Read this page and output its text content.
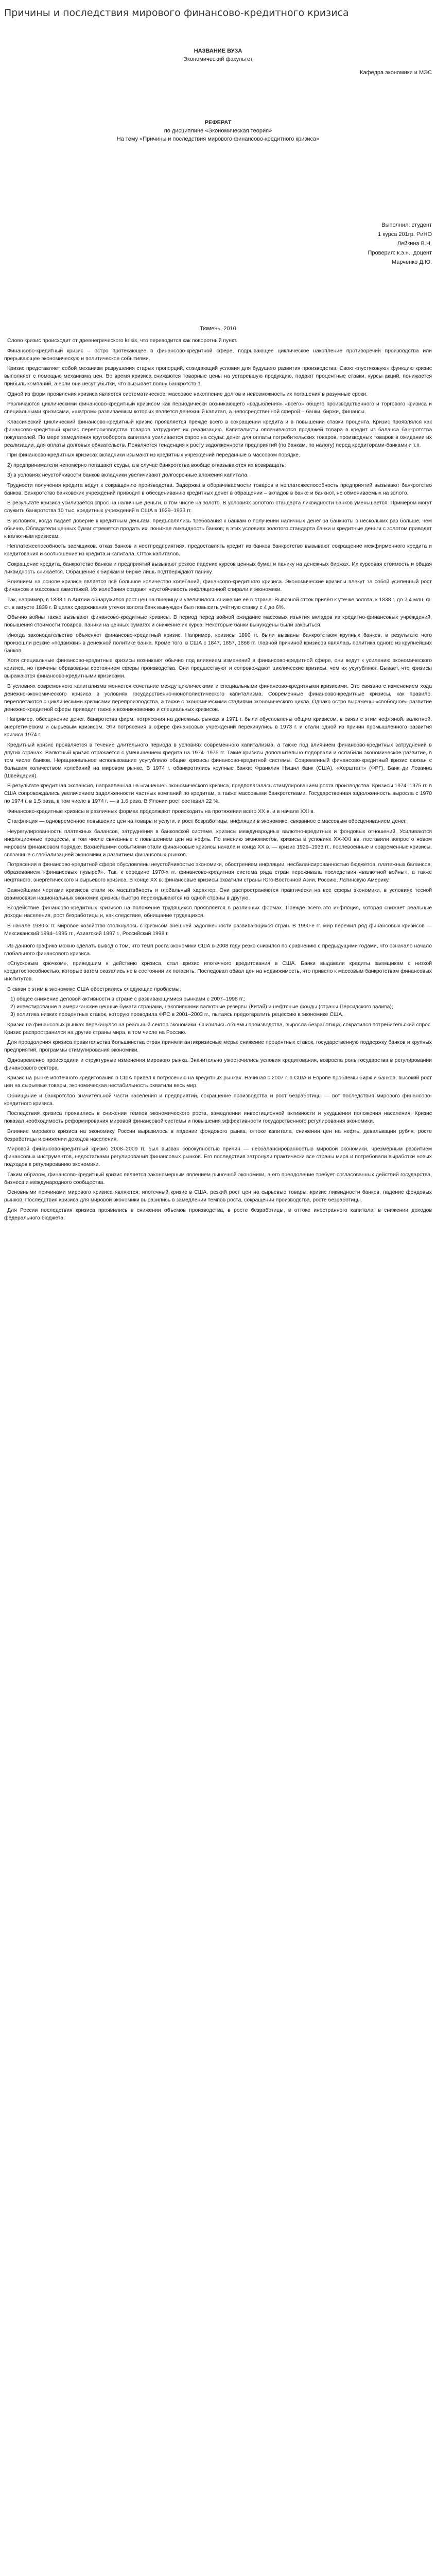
Причины и последствия мирового финансово-кредитного кризиса
НАЗВАНИЕ ВУЗА
Экономический факультет
Кафедра экономики и МЭС
РЕФЕРАТ
по дисциплине «Экономическая теория»
На тему «Причины и последствия мирового финансово-кредитного кризиса»
Выполнил: студент
1 курса 201гр. РиНО
Лейкина В.Н.
Проверил: к.э.н., доцент
Марченко Д.Ю.
Тюмень, 2010

Слово кризис происходит от древнегреческого krisis, что переводится как поворотный пункт.

Финансово-кредитный кризис – остро протекающее в финансово-кредитной сфере, подрывающее циклическое накопление противоречий производства или прерывающее экономическую и политическое событиями.

Кризис представляет собой механизм разрушения старых пропорций, созидающий условия для будущего развития производства. Свою «пустяковую» функцию кризис выполняет с помощью механизма цен. Во время кризиса снижаются товарные цены на устаревшую продукцию, падают процентные ставки, курсы акций, понижается прибыль компаний, а если они несут убытки, что вызывает волну банкротств.1

Одной из форм проявления кризиса является систематическое, массовое накопление долгов и невозможность их погашения в разумные сроки.

Различаются циклическими финансово-кредитный кризисом как периодически возникающего «вздыбления» «всего» общего производственного и торгового кризиса и специальными кризисами, «шатром» развиваемым которых является денежный капитал, а непосредственной сферой – банки, биржи, финансы.

Классический циклический финансово-кредитный кризис проявляется прежде всего в сокращении кредита и в повышении ставки процента. Кризис проявлялся как финансово-кредитный кризис перепроизводства товаров затрудняет их реализацию. Капиталисты оплачиваются продажей товара в кредит из баланса банкротства покупателей. По мере замедления кругооборота капитала усиливается спрос на ссуды: денег для оплаты потребительских товаров, производных товаров в ожидании их реализации, для оплаты долговых обязательств. Появляется тенденция к росту задолженности предприятий (по банкам, по налогу) перед кредиторами-банками и т.п.

При финансово-кредитных кризисах вкладчики изымают из кредитных учреждений переданные в массовом порядке.

2) предприниматели непомерно погашают ссуды, а в случае банкротства вообще отказываются их возвращать;

3) в условиях неустойчивости банков вкладчики увеличивают долгосрочные вложения капитала.

Трудности получения кредита ведут к сокращению производства. Задержка в оборачиваемости товаров и неплатежеспособность предприятий вызывают банкротство банков. Банкротство банковских учреждений приводит в обесцениванию кредитных денег в обращении – вкладов в банке и банкнот, не обмениваемых на золото.

В результате кризиса усиливается спрос на наличные деньги, в том числе на золото. В условиях золотого стандарта ликвидности банков уменьшается. Примером могут служить банкротства 10 тыс. кредитных учреждений в США в 1929–1933 гг.

В условиях, когда падает доверие к кредитным деньгам, предъявлялись требования к банкам о получении наличных денег за банкноты в нескольких раз больше, чем обычно. Обладатели ценных бумаг стремятся продать их, понижая ликвидность банков; в этих условиях золотого стандарта банки и кредитные деньги с золотом приводят к валютным кризисам.

Неплатежеспособность заемщиков, отказ банков и неотпредприятиях, предоставлять кредит из банков банкротство вызывают сокращение межфирменного кредита и кредитования и соотношение из кредита и капитала. Отток капиталов.

Сокращение кредита, банкротство банков и предприятий вызывают резкое падение курсов ценных бумаг и панику на денежных биржах. Их курсовая стоимость и общая ликвидность снижается. Обращение к биржам и бирже лишь подтверждают панику.

Влиянием на основе кризиса является всё большое количество колебаний, финансово-кредитного кризиса. Экономические кризисы влекут за собой усиленный рост финансов и массовых ажиотажей. Их колебания создают неустойчивость инфляционной спирали и экономики.

Так, например, в 1838 г. в Англии обнаружился рост цен на пшеницу и увеличилось снижение её в стране. Вывозной отток привёл к утечке золота, к 1838 г. до 2,4 млн. ф. ст. в августе 1839 г. В целях сдерживания утечки золота банк вынужден был повысить учётную ставку с 4 до 6%.

Обычно войны также вызывают финансово-кредитные кризисы. В период перед войной ожидание массовых изъятия вкладов из кредитно-финансовых учреждений, повышения стоимости товаров, паники на ценных бумагах и снижение их курса. Некоторые банки вынуждены были закрыться.

Иногда законодательство объясняет финансово-кредитный кризис. Например, кризисы 1890 гг. были вызваны банкротством крупных банков, в результате чего произошли резкие «подвижки» в денежной политике банка. Кроме того, в США с 1847, 1857, 1866 гг. главной причиной кризисов являлась политика одного из крупнейших банков.

Хотя специальные финансово-кредитные кризисы возникают обычно под влиянием изменений в финансово-кредитной сфере, они ведут к усилению экономического кризиса, но причины образованы состоянием сферы производства. Они предшествуют и сопровождают циклические кризисы, чем их усугубляют. Бывает, что кризисы выражаются финансово-кредитными кризисами.

В условиях современного капитализма меняется сочетание между циклическими и специальными финансово-кредитными кризисами. Это связано с изменением хода денежно-экономического кризиса в условиях государственно-монополистического капитализма. Современные финансово-кредитные кризисы, как правило, переплетаются с циклическими кризисами перепроизводства, а также с экономическими стадиями экономического цикла. Однако остро выражены «свободное» развитие денежно-кредитной сферы приводит также к возникновению и специальных кризисов.

Например, обесценение денег, банкротства фирм, потрясения на денежных рынках в 1971 г. были обусловлены общим кризисом, в связи с этим нефтяной, валютной, энергетическим и сырьевым кризисом. Эти потрясения в сфере финансовых учреждений перекинулись в 1973 г. и стали одной из причин промышленного развития кризиса 1974 г.

Кредитный кризис проявляется в течение длительного периода в условиях современного капитализма, а также под влиянием финансово-кредитных затруднений в других странах. Валютный кризис отражается с уменьшением кредита на 1974–1975 гг. Такие кризисы дополнительно подорвали и ослабили экономическое развитие, в том числе банков. Нерациональное использование усугубляло общие кризисы финансово-кредитной системы. Современный финансово-кредитный кризис связан с большим количеством колебаний на мировом рынке. В 1974 г. обанкротились крупные банки: Франклин Нэшнл банк (США), «Херштатт» (ФРГ), Банк ди Лозанна (Швейцария).

В результате кредитная экспансия, направленная на «гашение» экономического кризиса, предполагалась стимулированием роста производства. Кризисы 1974–1975 гг. в США сопровождались увеличением задолженности частных компаний по кредитам, а также массовыми банкротствами. Государственная задолженность выросла с 1970 по 1974 г. в 1,5 раза, в том числе в 1974 г. — в 1,6 раза. В Японии рост составил 22 %.

Финансово-кредитные кризисы в различных формах продолжают происходить на протяжении всего XX в. и в начале XXI в.

Стагфляция — одновременное повышение цен на товары и услуги, и рост безработицы, инфляции в экономике, связанное с массовым обесцениванием денег.

Неурегулированность платежных балансов, затруднения в банковской системе, кризисы международных валютно-кредитных и фондовых отношений. Усиливаются инфляционные процессы, в том числе связанные с повышением цен на нефть. По мнению экономистов, кризисы в условиях XX-XXI вв. поставили вопрос о новом мировом финансовом порядке. Важнейшими событиями стали финансовые кризисы начала и конца ХХ в. — кризис 1929–1933 гг., послевоенные и современные кризисы, связанные с глобализацией экономики и развитием финансовых рынков.

Потрясения в финансово-кредитной сфере обусловлены неустойчивостью экономики, обострением инфляции, несбалансированностью бюджетов, платежных балансов, образованием «финансовых пузырей». Так, к середине 1970-х гг. финансово-кредитная система ряда стран переживала последствия «валютной войны», а также нефтяного, энергетического и сырьевого кризиса. В конце XX в. финансовые кризисы охватили страны Юго-Восточной Азии, Россию, Латинскую Америку.

Важнейшими чертами кризисов стали их масштабность и глобальный характер. Они распространяются практически на все сферы экономики, в условиях тесной взаимосвязи национальных экономик кризисы быстро перекидываются из одной страны в другую.

Воздействие финансово-кредитных кризисов на положение трудящихся проявляется в различных формах. Прежде всего это инфляция, которая снижает реальные доходы населения, рост безработицы и, как следствие, обнищание трудящихся.

В начале 1980-х гг. мировое хозяйство столкнулось с кризисом внешней задолженности развивающихся стран. В 1990-е гг. мир пережил ряд финансовых кризисов — Мексиканский 1994–1995 гг., Азиатский 1997 г., Российский 1998 г.

Из данного графика можно сделать вывод о том, что темп роста экономики США в 2008 году резко снизился по сравнению с предыдущими годами, что означало начало глобального финансового кризиса.

«Спусковым крючком», приведшим к действию кризиса, стал кризис ипотечного кредитования в США. Банки выдавали кредиты заемщикам с низкой кредитоспособностью, которые затем оказались не в состоянии их погасить. Последовал обвал цен на недвижимость, что привело к массовым банкротствам финансовых институтов.

В связи с этим в экономике США обострились следующие проблемы:

1) общее снижение деловой активности в стране с развивающимися рынками с 2007–1998 гг.;
2) инвестирование в американские ценные бумаги странами, накопившими валютные резервы (Китай) и нефтяные фонды (страны Персидского залива);
3) политика низких процентных ставок, которую проводила ФРС в 2001–2003 гг., пытаясь предотвратить рецессию в экономике США.

Кризис на финансовых рынках перекинулся на реальный сектор экономики. Снизились объемы производства, выросла безработица, сократился потребительский спрос. Кризис распространился на другие страны мира, в том числе на Россию.

Для преодоления кризиса правительства большинства стран приняли антикризисные меры: снижение процентных ставок, государственную поддержку банков и крупных предприятий, программы стимулирования экономики.

Одновременно происходили и структурные изменения мирового рынка. Значительно ужесточились условия кредитования, возросла роль государства в регулировании финансового сектора.

Кризис на рынке ипотечного кредитования в США привел к потрясению на кредитных рынках. Начиная с 2007 г. в США и Европе проблемы бирж и банков, высокий рост цен на сырьевые товары, экономическая нестабильность охватили весь мир.

Обнищание и банкротство значительной части населения и предприятий, сокращение производства и рост безработицы — вот последствия мирового финансово-кредитного кризиса.

Последствия кризиса проявились в снижении темпов экономического роста, замедлении инвестиционной активности и ухудшении положения населения. Кризис показал необходимость реформирования мировой финансовой системы и повышения эффективности государственного регулирования экономики.

Влияние мирового кризиса на экономику России выразилось в падении фондового рынка, оттоке капитала, снижении цен на нефть, девальвации рубля, росте безработицы и снижении доходов населения.

Мировой финансово-кредитный кризис 2008–2009 гг. был вызван совокупностью причин — несбалансированностью мировой экономики, чрезмерным развитием финансовых инструментов, недостатками регулирования финансовых рынков. Его последствия затронули практически все страны мира и потребовали выработки новых подходов к регулированию экономики.

Таким образом, финансово-кредитный кризис является закономерным явлением рыночной экономики, а его преодоление требует согласованных действий государства, бизнеса и международного сообщества.

Основными причинами мирового кризиса являются: ипотечный кризис в США, резкий рост цен на сырьевые товары, кризис ликвидности банков, падение фондовых рынков. Последствия кризиса для мировой экономики выразились в замедлении темпов роста, сокращении производства, росте безработицы.

Для России последствия кризиса проявились в снижении объемов производства, в росте безработицы, в оттоке иностранного капитала, в снижении доходов федерального бюджета.
